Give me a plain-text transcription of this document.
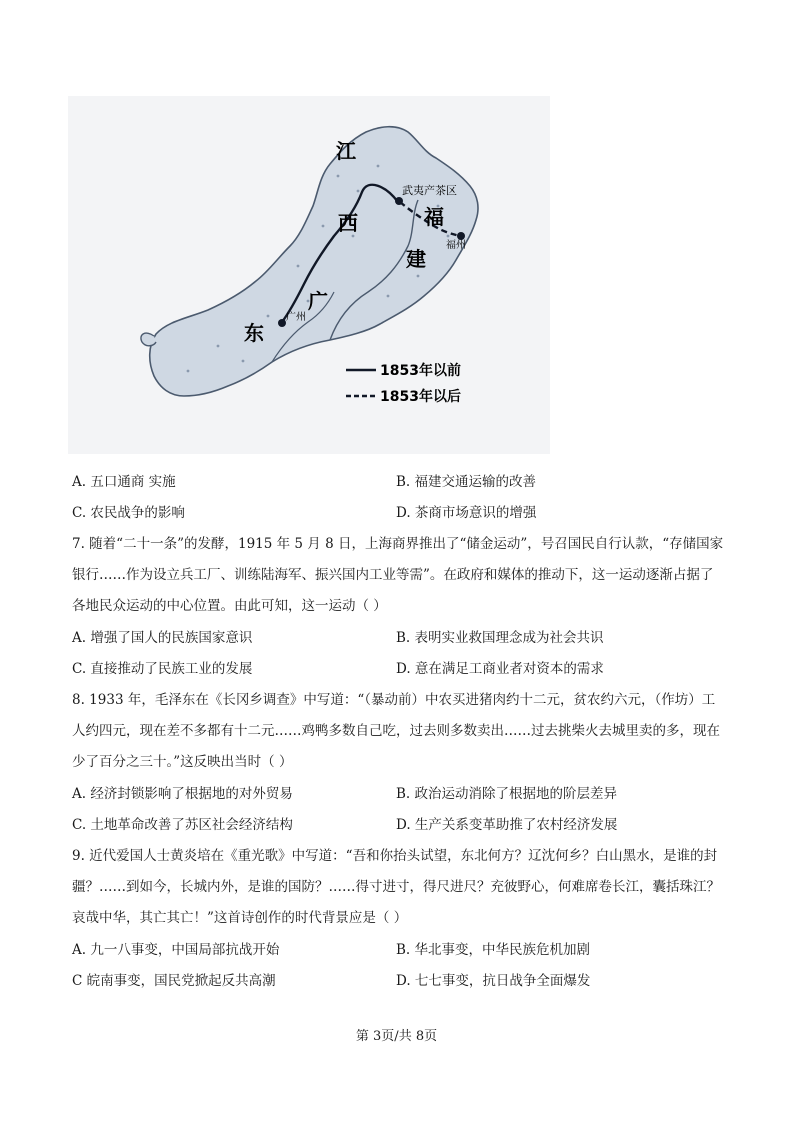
江
西	福
建
广
东
武夷产茶区
福州
广州
1853年以前
1853年以后
A. 五口通商 实施	B. 福建交通运输的改善
C. 农民战争的影响	D. 茶商市场意识的增强

7. 随着“二十一条”的发酵，1915 年 5 月 8 日，上海商界推出了“储金运动”，号召国民自行认款，“存储国家银行……作为设立兵工厂、训练陆海军、振兴国内工业等需”。在政府和媒体的推动下，这一运动逐渐占据了各地民众运动的中心位置。由此可知，这一运动（ ）

A. 增强了国人的民族国家意识	B. 表明实业救国理念成为社会共识
C. 直接推动了民族工业的发展	D. 意在满足工商业者对资本的需求

8. 1933 年，毛泽东在《长冈乡调查》中写道：“（暴动前）中农买进猪肉约十二元，贫农约六元，（作坊）工人约四元，现在差不多都有十二元……鸡鸭多数自己吃，过去则多数卖出……过去挑柴火去城里卖的多，现在少了百分之三十。”这反映出当时（ ）

A. 经济封锁影响了根据地的对外贸易	B. 政治运动消除了根据地的阶层差异
C. 土地革命改善了苏区社会经济结构	D. 生产关系变革助推了农村经济发展

9. 近代爱国人士黄炎培在《重光歌》中写道：“吾和你抬头试望，东北何方？辽沈何乡？白山黑水，是谁的封疆？……到如今，长城内外，是谁的国防？……得寸进寸，得尺进尺？充彼野心，何难席卷长江，囊括珠江？哀哉中华，其亡其亡！”这首诗创作的时代背景应是（ ）

A. 九一八事变，中国局部抗战开始	B. 华北事变，中华民族危机加剧
C 皖南事变，国民党掀起反共高潮	D. 七七事变，抗日战争全面爆发
第 3页/共 8页
